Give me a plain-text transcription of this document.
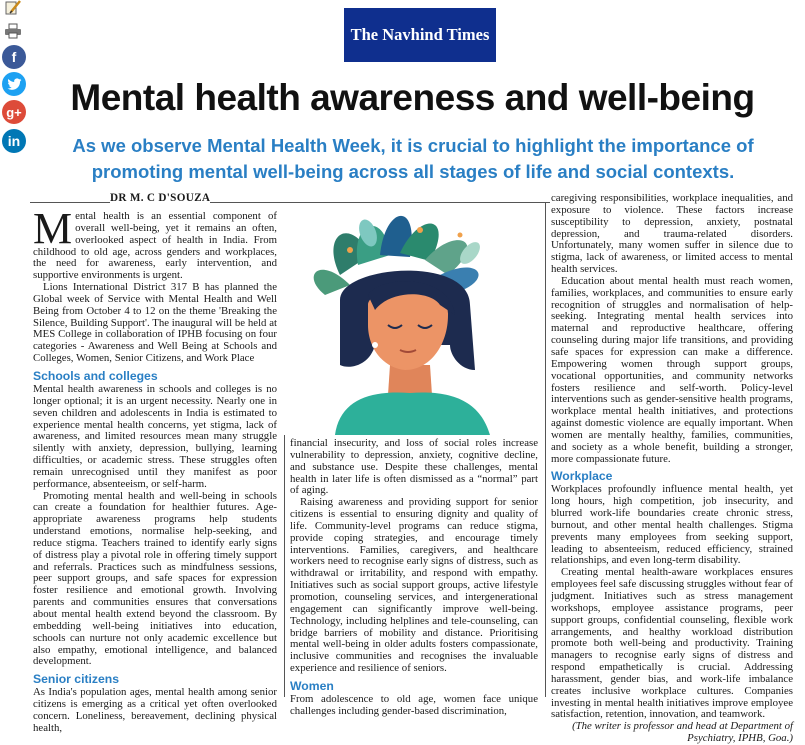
f
g+
in
The Navhind Times
Mental health awareness and well-being
As we observe Mental Health Week, it is crucial to highlight the importance of promoting mental well-being across all stages of life and social contexts.
DR M. C D'SOUZA

Mental health is an essential component of overall well-being, yet it remains an often, overlooked aspect of health in India. From childhood to old age, across genders and workplaces, the need for awareness, early intervention, and supportive environments is urgent.

Lions International District 317 B has planned the Global week of Service with Mental Health and Well Being from October 4 to 12 on the theme 'Breaking the Silence, Building Support'. The inaugural will be held at MES College in collaboration of IPHB focusing on four categories - Awareness and Well Being at Schools and Colleges, Women, Senior Citizens, and Work Place

Schools and colleges

Mental health awareness in schools and colleges is no longer optional; it is an urgent necessity. Nearly one in seven children and adolescents in India is estimated to experience mental health concerns, yet stigma, lack of awareness, and limited resources mean many struggle silently with anxiety, depression, bullying, learning difficulties, or academic stress. These struggles often remain unrecognised until they manifest as poor performance, absenteeism, or self-harm.

Promoting mental health and well-being in schools can create a foundation for healthier futures. Age-appropriate awareness programs help students understand emotions, normalise help-seeking, and reduce stigma. Teachers trained to identify early signs of distress play a pivotal role in offering timely support and referrals. Practices such as mindfulness sessions, peer support groups, and safe spaces for expression foster resilience and emotional growth. Involving parents and communities ensures that conversations about mental health extend beyond the classroom. By embedding well-being initiatives into education, schools can nurture not only academic excellence but also empathy, emotional intelligence, and balanced development.

Senior citizens

As India's population ages, mental health among senior citizens is emerging as a critical yet often overlooked concern. Loneliness, bereavement, declining physical health,

financial insecurity, and loss of social roles increase vulnerability to depression, anxiety, cognitive decline, and substance use. Despite these challenges, mental health in later life is often dismissed as a “normal” part of aging.

Raising awareness and providing support for senior citizens is essential to ensuring dignity and quality of life. Community-level programs can reduce stigma, provide coping strategies, and encourage timely interventions. Families, caregivers, and healthcare workers need to recognise early signs of distress, such as withdrawal or irritability, and respond with empathy. Initiatives such as social support groups, active lifestyle promotion, counseling services, and intergenerational engagement can significantly improve well-being. Technology, including helplines and tele-counseling, can bridge barriers of mobility and distance. Prioritising mental well-being in older adults fosters compassionate, inclusive communities and recognises the invaluable experience and resilience of seniors.

Women

From adolescence to old age, women face unique challenges including gender-based discrimination,

caregiving responsibilities, workplace inequalities, and exposure to violence. These factors increase susceptibility to depression, anxiety, postnatal depression, and trauma-related disorders. Unfortunately, many women suffer in silence due to stigma, lack of awareness, or limited access to mental health services.

Education about mental health must reach women, families, workplaces, and communities to ensure early recognition of struggles and normalisation of help-seeking. Integrating mental health services into maternal and reproductive healthcare, offering counseling during major life transitions, and providing safe spaces for expression can make a difference. Empowering women through support groups, vocational opportunities, and community networks fosters resilience and self-worth. Policy-level interventions such as gender-sensitive health programs, workplace mental health initiatives, and protections against domestic violence are equally important. When women are mentally healthy, families, communities, and society as a whole benefit, building a stronger, more compassionate future.

Workplace

Workplaces profoundly influence mental health, yet long hours, high competition, job insecurity, and blurred work-life boundaries create chronic stress, burnout, and other mental health challenges. Stigma prevents many employees from seeking support, leading to absenteeism, reduced efficiency, strained relationships, and even long-term disability.

Creating mental health-aware workplaces ensures employees feel safe discussing struggles without fear of judgment. Initiatives such as stress management workshops, employee assistance programs, peer support groups, confidential counseling, flexible work arrangements, and healthy workload distribution promote both well-being and productivity. Training managers to recognise early signs of distress and respond empathetically is crucial. Addressing harassment, gender bias, and work-life imbalance creates inclusive workplace cultures. Companies investing in mental health initiatives improve employee satisfaction, retention, innovation, and teamwork.

(The writer is professor and head at Department of Psychiatry, IPHB, Goa.)
